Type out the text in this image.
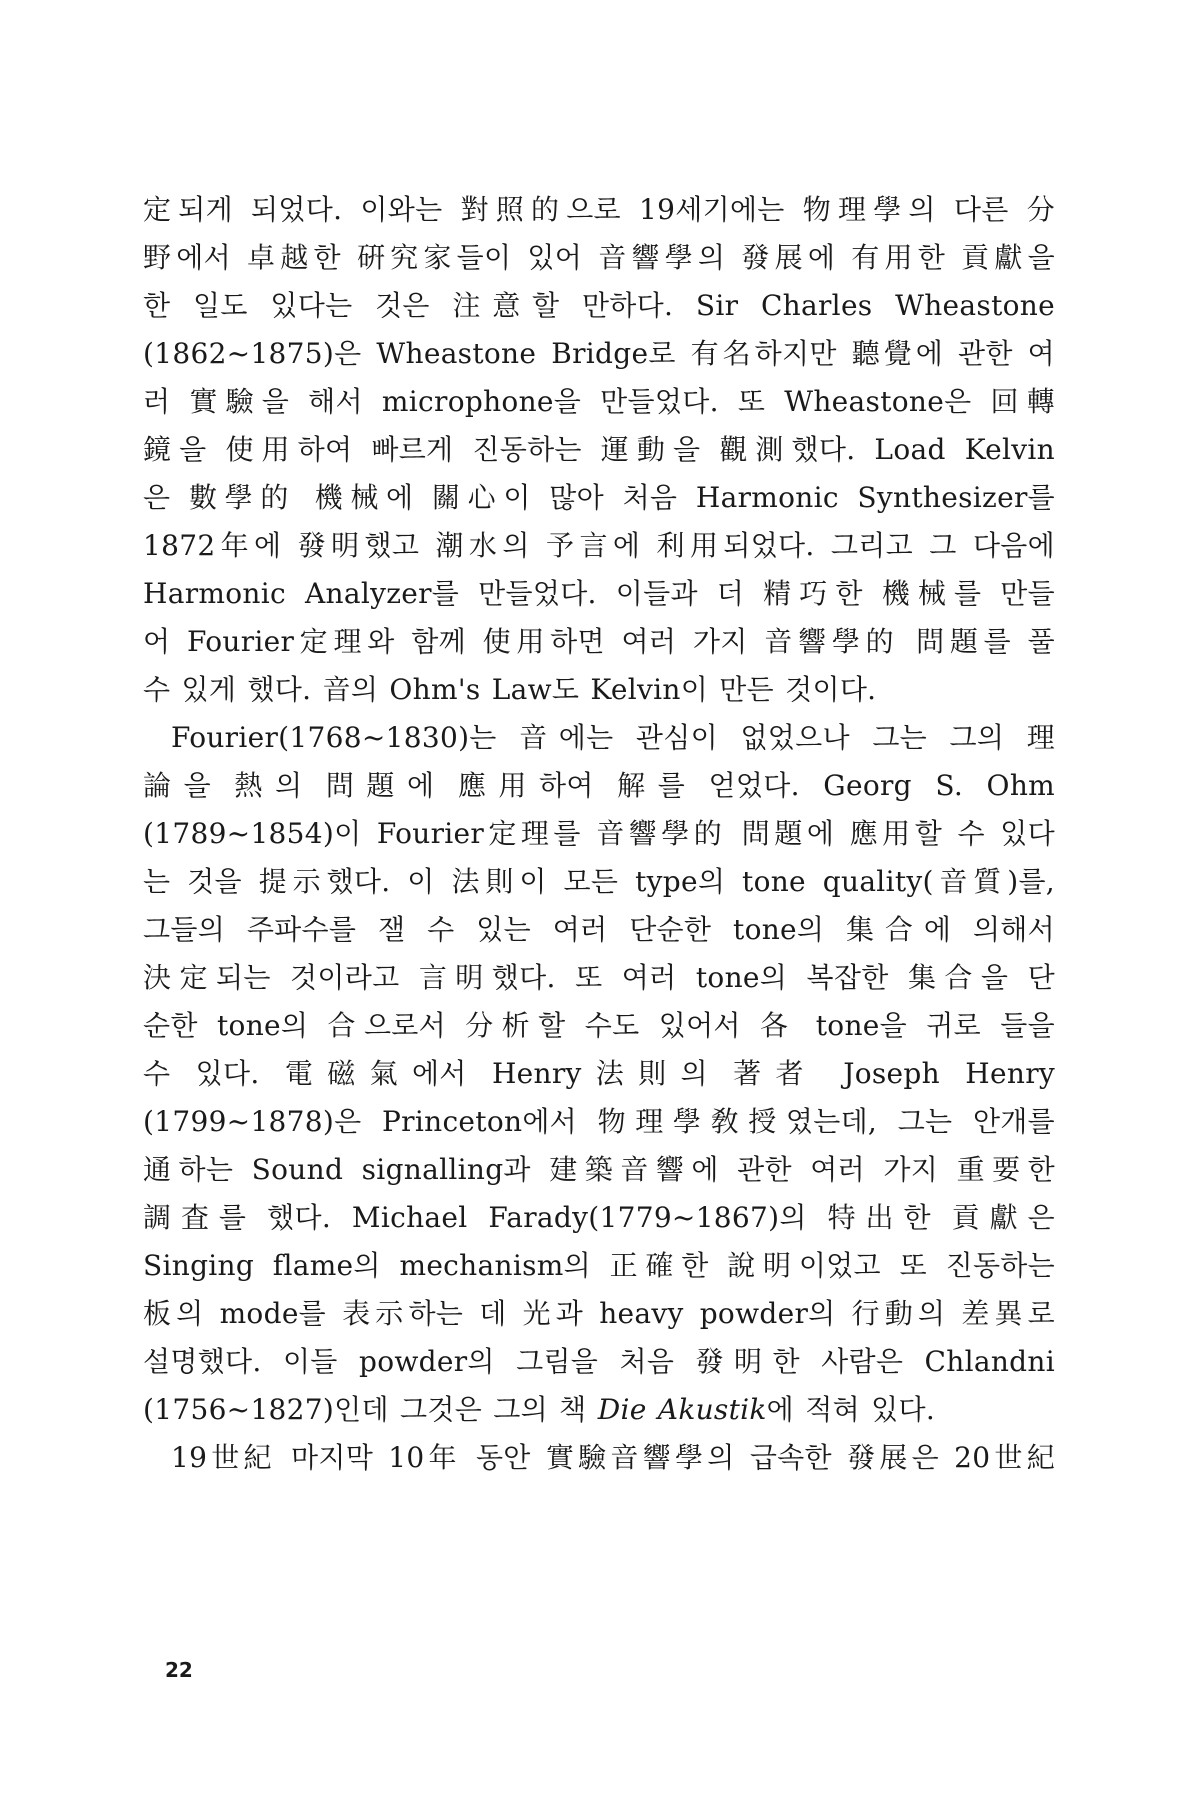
定되게 되었다. 이와는 對照的으로 19세기에는 物理學의 다른 分
野에서 卓越한 硏究家들이 있어 音響學의 發展에 有用한 貢獻을
한 일도 있다는 것은 注意할 만하다. Sir Charles Wheastone
(1862~1875)은 Wheastone Bridge로 有名하지만 聽覺에 관한 여
러 實驗을 해서 microphone을 만들었다. 또 Wheastone은 回轉
鏡을 使用하여 빠르게 진동하는 運動을 觀測했다. Load Kelvin
은 數學的 機械에 關心이 많아 처음 Harmonic Synthesizer를
1872年에 發明했고 潮水의 予言에 利用되었다. 그리고 그 다음에
Harmonic Analyzer를 만들었다. 이들과 더 精巧한 機械를 만들
어 Fourier定理와 함께 使用하면 여러 가지 音響學的 問題를 풀
수 있게 했다. 音의 Ohm's Law도 Kelvin이 만든 것이다.
Fourier(1768~1830)는 音에는 관심이 없었으나 그는 그의 理
論을 熱의 問題에 應用하여 解를 얻었다. Georg S. Ohm
(1789~1854)이 Fourier定理를 音響學的 問題에 應用할 수 있다
는 것을 提示했다. 이 法則이 모든 type의 tone quality(音質)를,
그들의 주파수를 잴 수 있는 여러 단순한 tone의 集合에 의해서
決定되는 것이라고 言明했다. 또 여러 tone의 복잡한 集合을 단
순한 tone의 合으로서 分析할 수도 있어서 各 tone을 귀로 들을
수 있다. 電磁氣에서 Henry法則의 著者 Joseph Henry
(1799~1878)은 Princeton에서 物理學敎授였는데, 그는 안개를
通하는 Sound signalling과 建築音響에 관한 여러 가지 重要한
調査를 했다. Michael Farady(1779~1867)의 特出한 貢獻은
Singing flame의 mechanism의 正確한 說明이었고 또 진동하는
板의 mode를 表示하는 데 光과 heavy powder의 行動의 差異로
설명했다. 이들 powder의 그림을 처음 發明한 사람은 Chlandni
(1756~1827)인데 그것은 그의 책 Die Akustik에 적혀 있다.
19世紀 마지막 10年 동안 實驗音響學의 급속한 發展은 20世紀
22
